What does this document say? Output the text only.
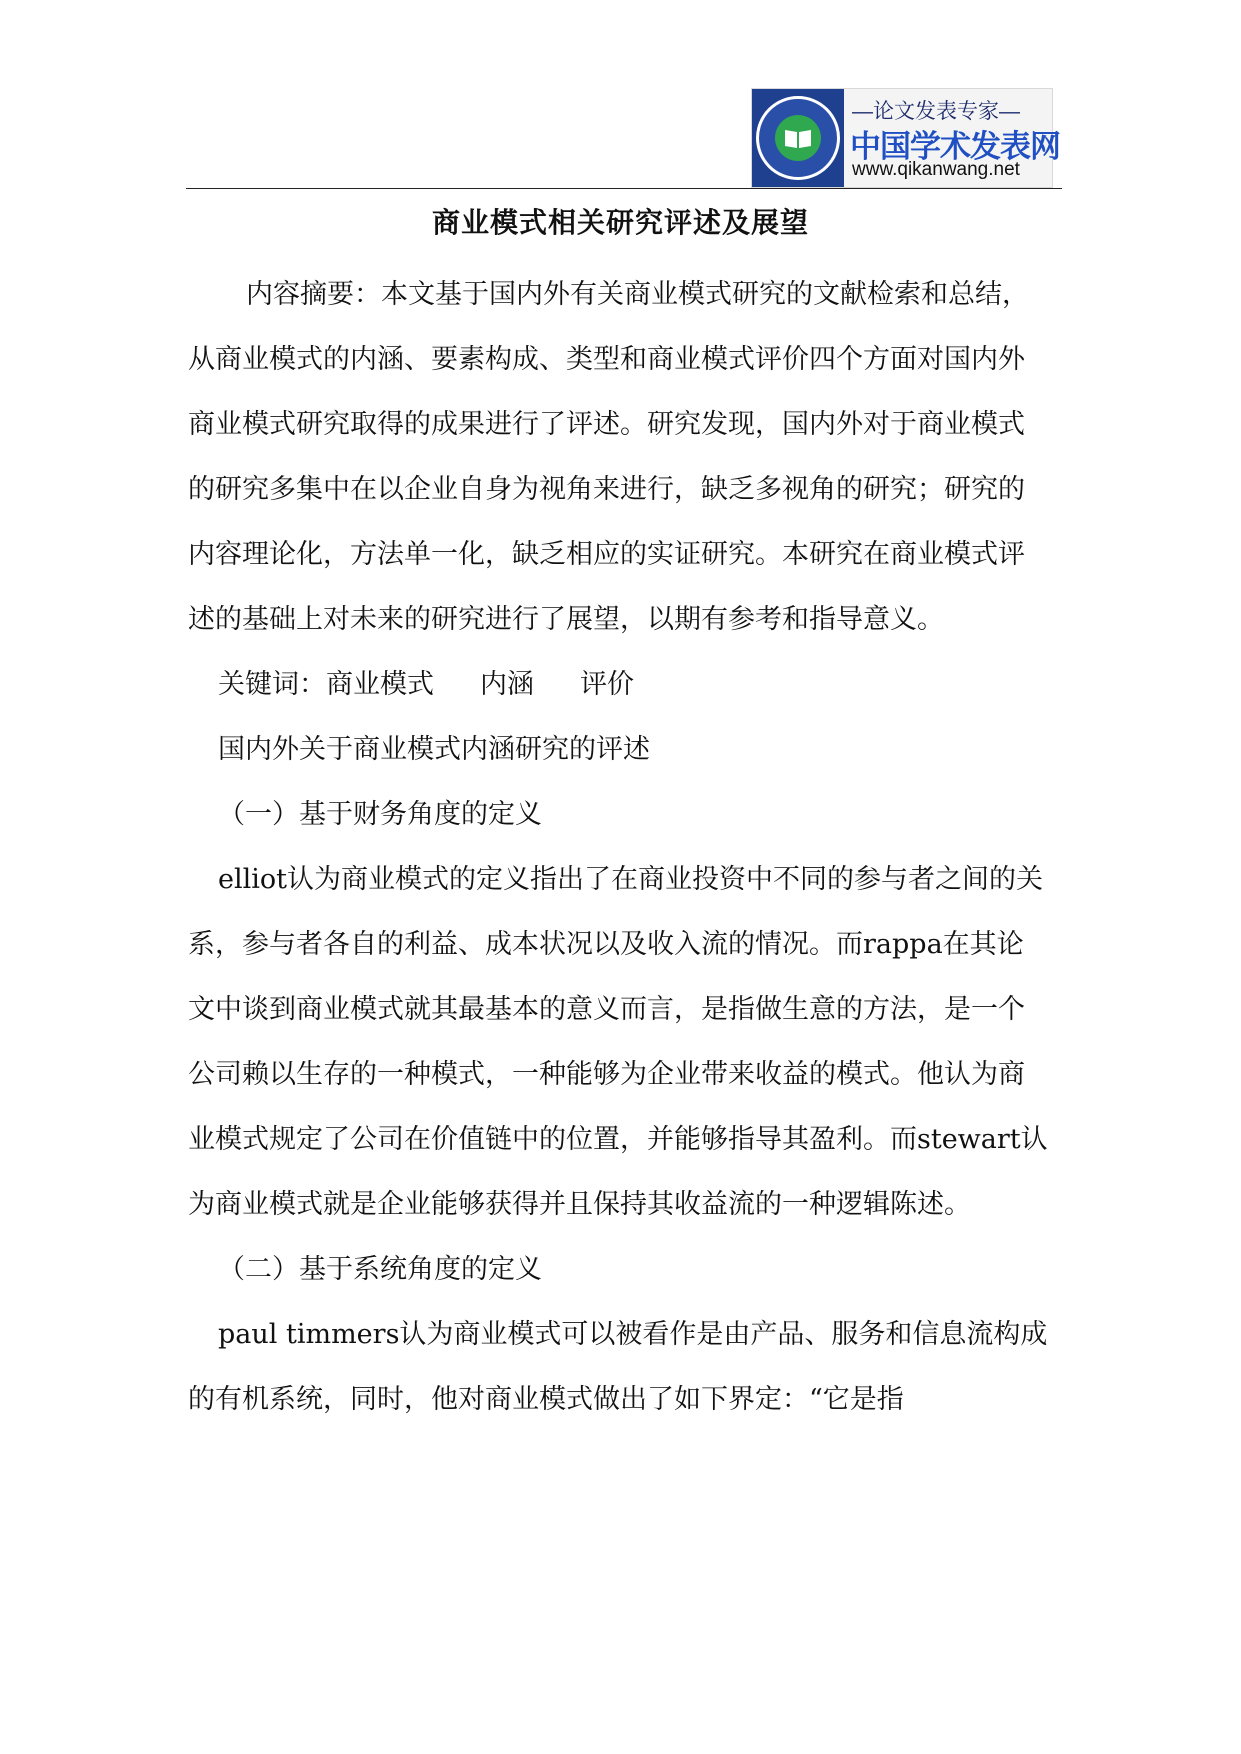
—论文发表专家—
中国学术发表网
www.qikanwang.net
商业模式相关研究评述及展望

内容摘要：本文基于国内外有关商业模式研究的文献检索和总结，从商业模式的内涵、要素构成、类型和商业模式评价四个方面对国内外商业模式研究取得的成果进行了评述。研究发现，国内外对于商业模式的研究多集中在以企业自身为视角来进行，缺乏多视角的研究；研究的内容理论化，方法单一化，缺乏相应的实证研究。本研究在商业模式评述的基础上对未来的研究进行了展望，以期有参考和指导意义。

关键词：商业模式 内涵 评价

国内外关于商业模式内涵研究的评述

（一）基于财务角度的定义

elliot认为商业模式的定义指出了在商业投资中不同的参与者之间的关系，参与者各自的利益、成本状况以及收入流的情况。而rappa在其论文中谈到商业模式就其最基本的意义而言，是指做生意的方法，是一个公司赖以生存的一种模式，一种能够为企业带来收益的模式。他认为商业模式规定了公司在价值链中的位置，并能够指导其盈利。而stewart认为商业模式就是企业能够获得并且保持其收益流的一种逻辑陈述。

（二）基于系统角度的定义

paul timmers认为商业模式可以被看作是由产品、服务和信息流构成的有机系统，同时，他对商业模式做出了如下界定：“它是指
